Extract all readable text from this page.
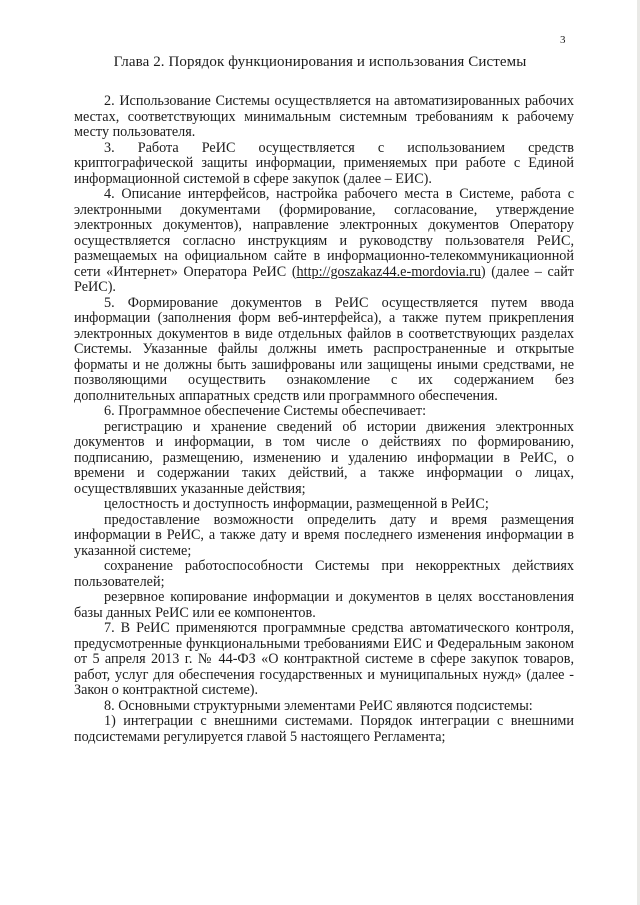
3
Глава 2. Порядок функционирования и использования Системы

2. Использование Системы осуществляется на автоматизированных рабочих местах, соответствующих минимальным системным требованиям к рабочему месту пользователя.

3. Работа РеИС осуществляется с использованием средств криптографической защиты информации, применяемых при работе с Единой информационной системой в сфере закупок (далее – ЕИС).

4. Описание интерфейсов, настройка рабочего места в Системе, работа с электронными документами (формирование, согласование, утверждение электронных документов), направление электронных документов Оператору осуществляется согласно инструкциям и руководству пользователя РеИС, размещаемых на официальном сайте в информационно-телекоммуникационной сети «Интернет» Оператора РеИС (http://goszakaz44.e-mordovia.ru) (далее – сайт РеИС).

5. Формирование документов в РеИС осуществляется путем ввода информации (заполнения форм веб-интерфейса), а также путем прикрепления электронных документов в виде отдельных файлов в соответствующих разделах Системы. Указанные файлы должны иметь распространенные и открытые форматы и не должны быть зашифрованы или защищены иными средствами, не позволяющими осуществить ознакомление с их содержанием без дополнительных аппаратных средств или программного обеспечения.

6. Программное обеспечение Системы обеспечивает:

регистрацию и хранение сведений об истории движения электронных документов и информации, в том числе о действиях по формированию, подписанию, размещению, изменению и удалению информации в РеИС, о времени и содержании таких действий, а также информации о лицах, осуществлявших указанные действия;

целостность и доступность информации, размещенной в РеИС;

предоставление возможности определить дату и время размещения информации в РеИС, а также дату и время последнего изменения информации в указанной системе;

сохранение работоспособности Системы при некорректных действиях пользователей;

резервное копирование информации и документов в целях восстановления базы данных РеИС или ее компонентов.

7. В РеИС применяются программные средства автоматического контроля, предусмотренные функциональными требованиями ЕИС и Федеральным законом от 5 апреля 2013 г. № 44-ФЗ «О контрактной системе в сфере закупок товаров, работ, услуг для обеспечения государственных и муниципальных нужд» (далее - Закон о контрактной системе).

8. Основными структурными элементами РеИС являются подсистемы:

1) интеграции с внешними системами. Порядок интеграции с внешними подсистемами регулируется главой 5 настоящего Регламента;
